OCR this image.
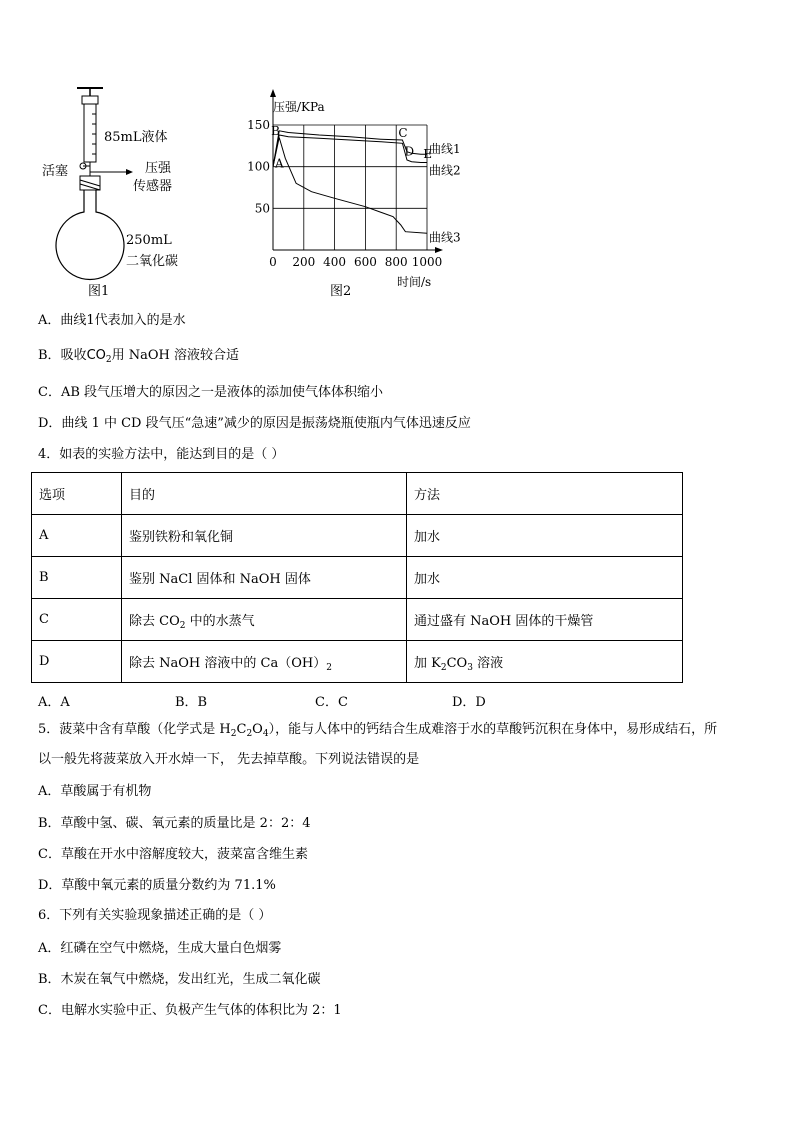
85mL液体
活塞	压强
传感器
250mL
二氧化碳
图1
0 200 400 600 800 1000
50
100
150
曲线1
曲线2
曲线3
A
B	C
D E
压强/KPa
时间/s
图2
A．曲线1代表加入的是水
B．吸收$CO_2$用 NaOH 溶液较合适
C．AB 段气压增大的原因之一是液体的添加使气体体积缩小
D．曲线 1 中 CD 段气压“急速”减少的原因是振荡烧瓶使瓶内气体迅速反应
4．如表的实验方法中，能达到目的是（ ）
选项	目的	方法
A	鉴别铁粉和氧化铜	加水
B	鉴别 NaCl 固体和 NaOH 固体	加水
C	除去 $CO_2$ 中的水蒸气	通过盛有 NaOH 固体的干燥管
D	除去 NaOH 溶液中的 $Ca(OH)_2$	加 $K_2CO_3$ 溶液
A．A	B．B	C．C	D．D
5．菠菜中含有草酸（化学式是 $H_2C_2O_4$），能与人体中的钙结合生成难溶于水的草酸钙沉积在身体中，易形成结石，所
以一般先将菠菜放入开水焯一下， 先去掉草酸。下列说法错误的是
A．草酸属于有机物
B．草酸中氢、碳、氧元素的质量比是 2：2：4
C．草酸在开水中溶解度较大，菠菜富含维生素
D．草酸中氧元素的质量分数约为 71.1%
6．下列有关实验现象描述正确的是（ ）
A．红磷在空气中燃烧，生成大量白色烟雾
B．木炭在氧气中燃烧，发出红光，生成二氧化碳
C．电解水实验中正、负极产生气体的体积比为 2：1
